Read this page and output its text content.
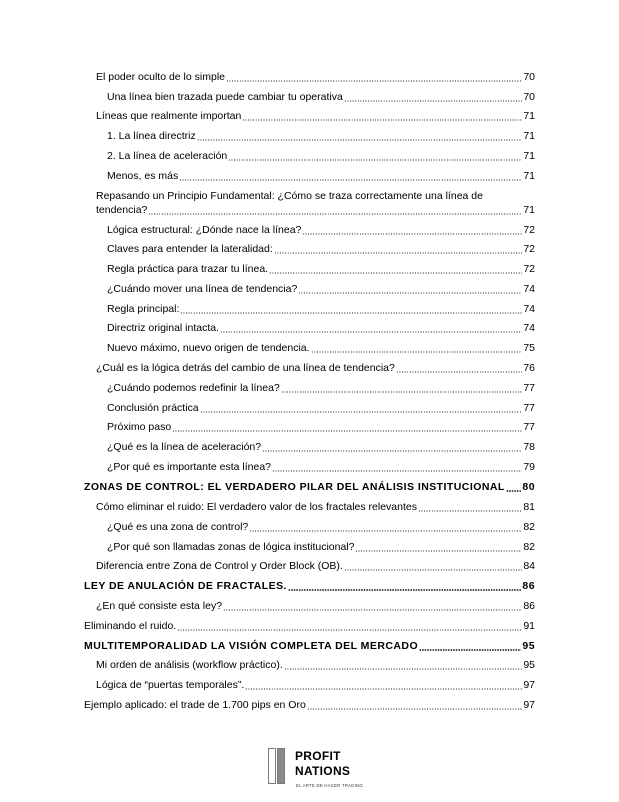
El poder oculto de lo simple	70
Una línea bien trazada puede cambiar tu operativa	70
Líneas que realmente importan	71
1. La línea directriz	71
2. La línea de aceleración	71
Menos, es más	71
Repasando un Principio Fundamental: ¿Cómo se traza correctamente una línea de
tendencia?	71
Lógica estructural: ¿Dónde nace la línea?	72
Claves para entender la lateralidad:	72
Regla práctica para trazar tu línea.	72
¿Cuándo mover una línea de tendencia?	74
Regla principal:	74
Directriz original intacta.	74
Nuevo máximo, nuevo origen de tendencia.	75
¿Cuál es la lógica detrás del cambio de una línea de tendencia?	76
¿Cuándo podemos redefinir la línea?	77
Conclusión práctica	77
Próximo paso	77
¿Qué es la línea de aceleración?	78
¿Por qué es importante esta línea?	79
ZONAS DE CONTROL: EL VERDADERO PILAR DEL ANÁLISIS INSTITUCIONAL 80
Cómo eliminar el ruido: El verdadero valor de los fractales relevantes	81
¿Qué es una zona de control?	82
¿Por qué son llamadas zonas de lógica institucional?	82
Diferencia entre Zona de Control y Order Block (OB).	84
LEY DE ANULACIÓN DE FRACTALES.	86
¿En qué consiste esta ley?	86
Eliminando el ruido.	91
MULTITEMPORALIDAD LA VISIÓN COMPLETA DEL MERCADO	95
Mi orden de análisis (workflow práctico).	95
Lógica de “puertas temporales”.	97
Ejemplo aplicado: el trade de 1.700 pips en Oro	97
PROFIT
NATIONS
EL ARTE DE HACER TRADING
